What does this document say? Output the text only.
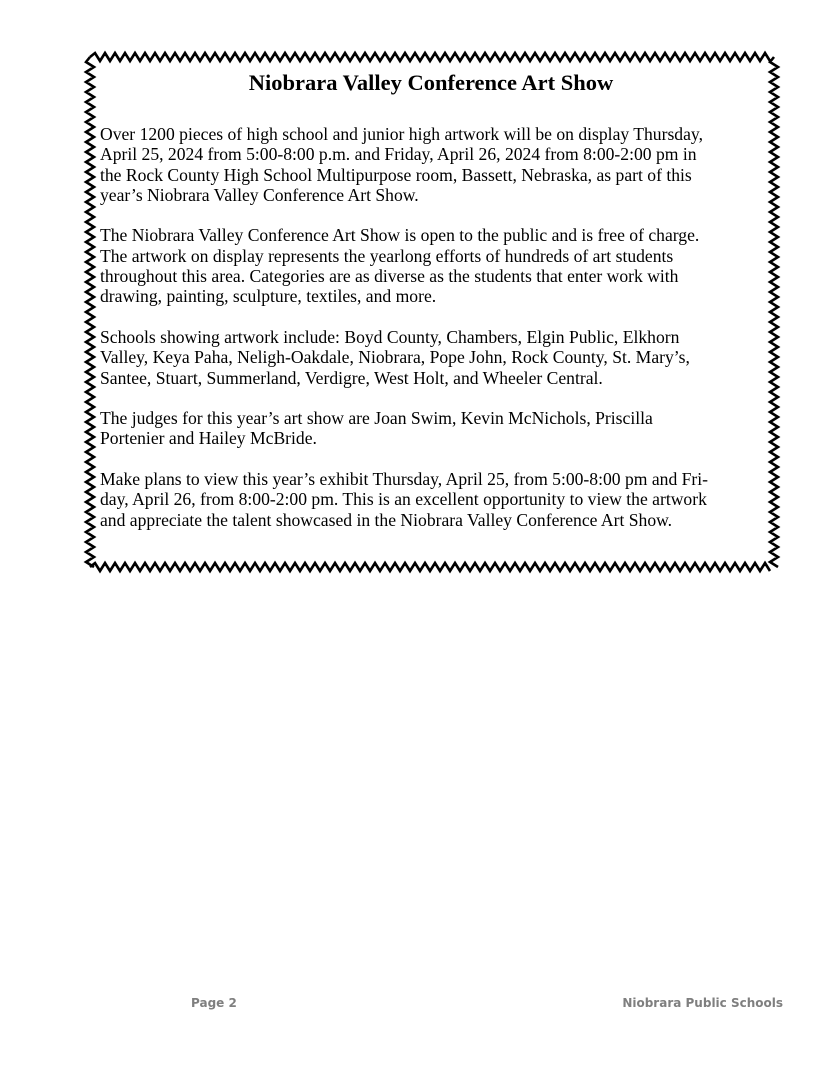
Niobrara Valley Conference Art Show
Over 1200 pieces of high school and junior high artwork will be on display Thursday,
April 25, 2024 from 5:00-8:00 p.m. and Friday, April 26, 2024 from 8:00-2:00 pm in
the Rock County High School Multipurpose room, Bassett, Nebraska, as part of this
year’s Niobrara Valley Conference Art Show.
The Niobrara Valley Conference Art Show is open to the public and is free of charge.
The artwork on display represents the yearlong efforts of hundreds of art students
throughout this area. Categories are as diverse as the students that enter work with
drawing, painting, sculpture, textiles, and more.
Schools showing artwork include: Boyd County, Chambers, Elgin Public, Elkhorn
Valley, Keya Paha, Neligh-Oakdale, Niobrara, Pope John, Rock County, St. Mary’s,
Santee, Stuart, Summerland, Verdigre, West Holt, and Wheeler Central.
The judges for this year’s art show are Joan Swim, Kevin McNichols, Priscilla
Portenier and Hailey McBride.
Make plans to view this year’s exhibit Thursday, April 25, from 5:00-8:00 pm and Fri-
day, April 26, from 8:00-2:00 pm. This is an excellent opportunity to view the artwork
and appreciate the talent showcased in the Niobrara Valley Conference Art Show.
Page 2	Niobrara Public Schools
